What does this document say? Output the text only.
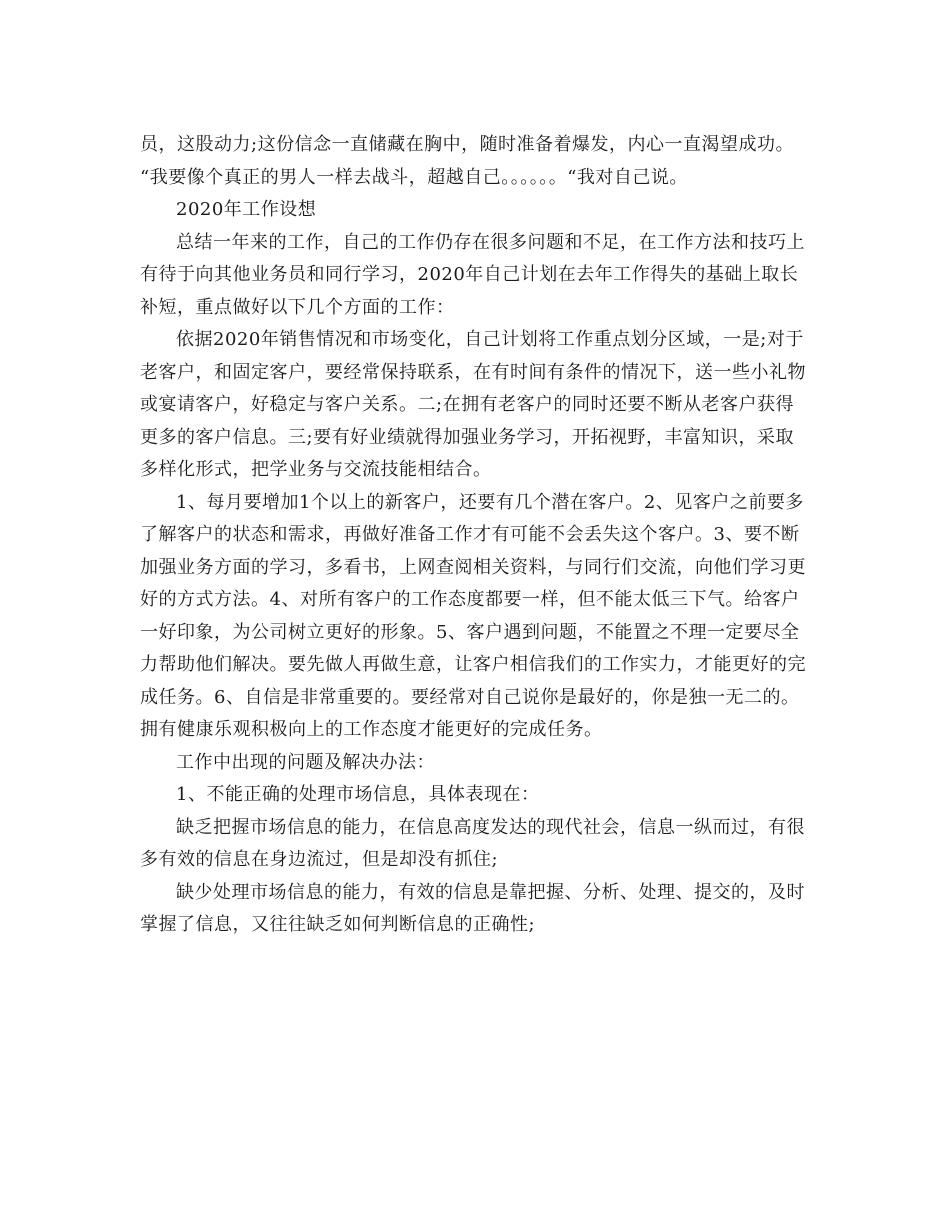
员，这股动力;这份信念一直储藏在胸中，随时准备着爆发，内心一直渴望成功。
“我要像个真正的男人一样去战斗，超越自己。。。。。。“我对自己说。
2020年工作设想
总结一年来的工作，自己的工作仍存在很多问题和不足，在工作方法和技巧上
有待于向其他业务员和同行学习，2020年自己计划在去年工作得失的基础上取长
补短，重点做好以下几个方面的工作：
依据2020年销售情况和市场变化，自己计划将工作重点划分区域，一是;对于
老客户，和固定客户，要经常保持联系，在有时间有条件的情况下，送一些小礼物
或宴请客户，好稳定与客户关系。二;在拥有老客户的同时还要不断从老客户获得
更多的客户信息。三;要有好业绩就得加强业务学习，开拓视野，丰富知识，采取
多样化形式，把学业务与交流技能相结合。
1、每月要增加1个以上的新客户，还要有几个潜在客户。2、见客户之前要多
了解客户的状态和需求，再做好准备工作才有可能不会丢失这个客户。3、要不断
加强业务方面的学习，多看书，上网查阅相关资料，与同行们交流，向他们学习更
好的方式方法。4、对所有客户的工作态度都要一样，但不能太低三下气。给客户
一好印象，为公司树立更好的形象。5、客户遇到问题，不能置之不理一定要尽全
力帮助他们解决。要先做人再做生意，让客户相信我们的工作实力，才能更好的完
成任务。6、自信是非常重要的。要经常对自己说你是最好的，你是独一无二的。
拥有健康乐观积极向上的工作态度才能更好的完成任务。
工作中出现的问题及解决办法：
1、不能正确的处理市场信息，具体表现在：
缺乏把握市场信息的能力，在信息高度发达的现代社会，信息一纵而过，有很
多有效的信息在身边流过，但是却没有抓住;
缺少处理市场信息的能力，有效的信息是靠把握、分析、处理、提交的，及时
掌握了信息，又往往缺乏如何判断信息的正确性;
